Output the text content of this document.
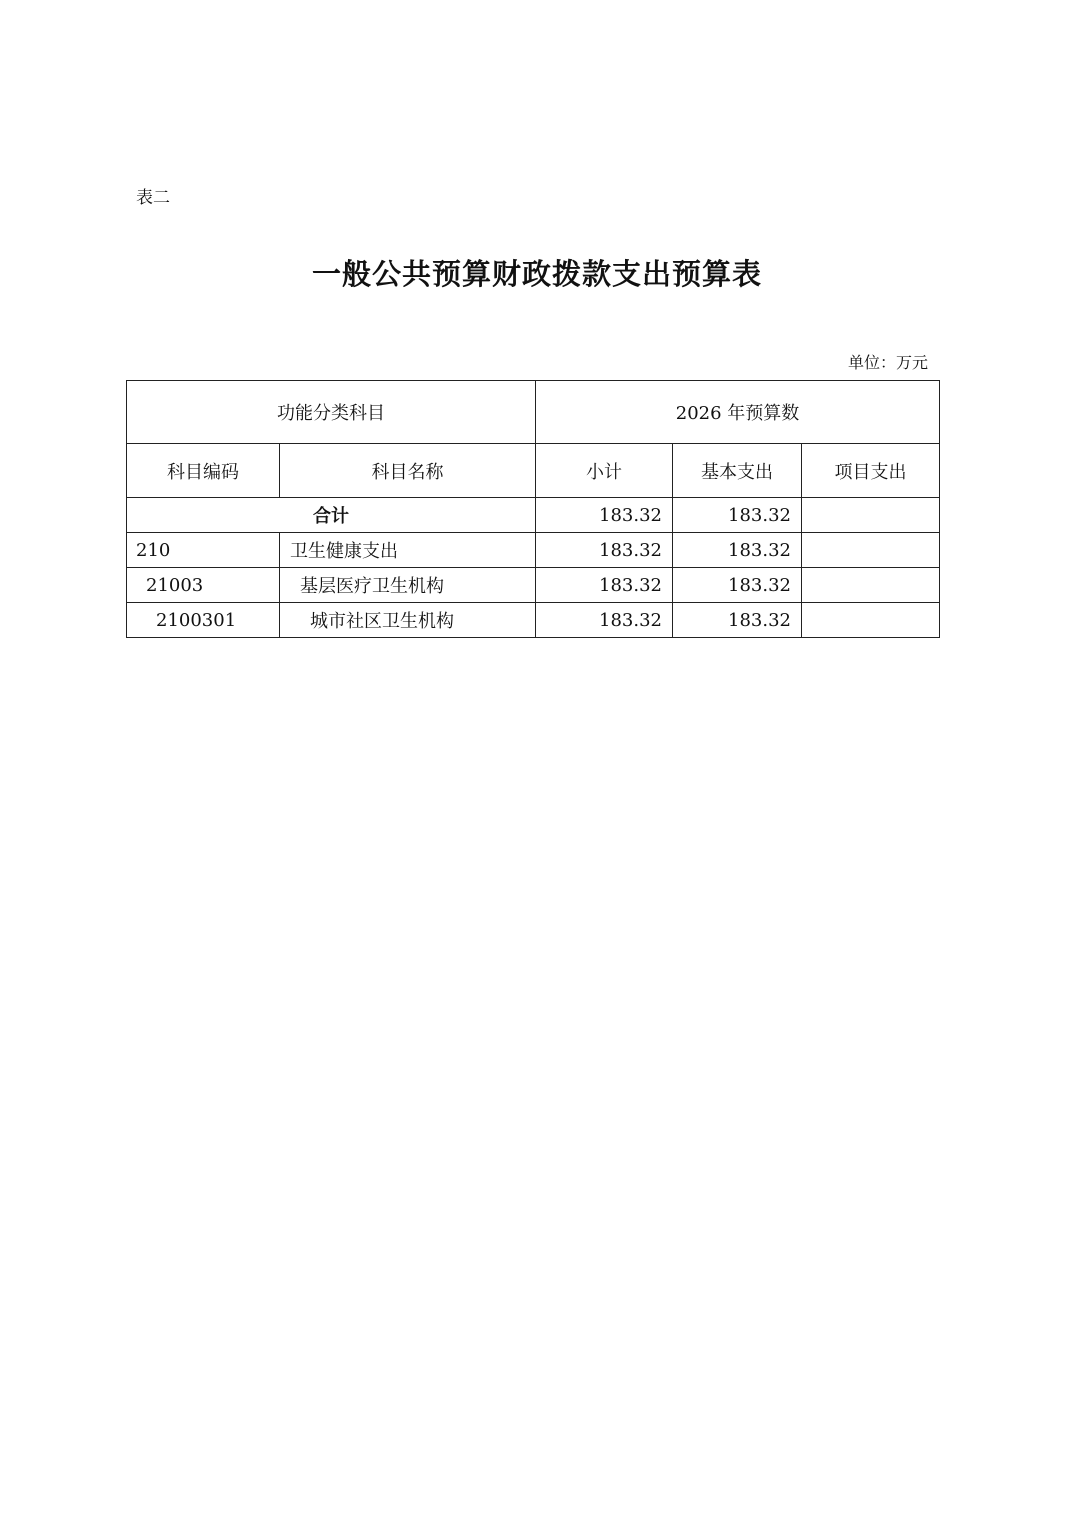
表二
一般公共预算财政拨款支出预算表
单位：万元
功能分类科目		2026 年预算数		
科目编码	科目名称	小计	基本支出	项目支出
合计		183.32	183.32	
210	卫生健康支出	183.32	183.32	
21003	基层医疗卫生机构	183.32	183.32	
2100301	城市社区卫生机构	183.32	183.32	
